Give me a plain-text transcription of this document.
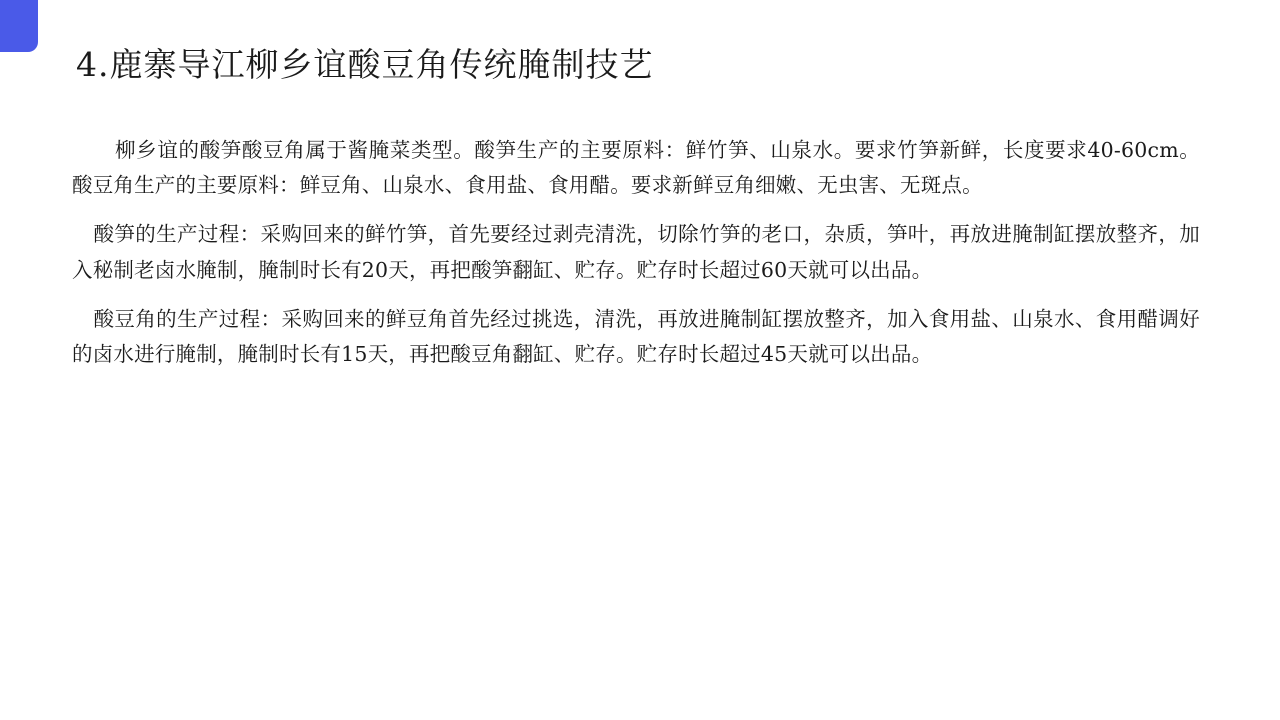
4.鹿寨导江柳乡谊酸豆角传统腌制技艺

柳乡谊的酸笋酸豆角属于酱腌菜类型。酸笋生产的主要原料：鲜竹笋、山泉水。要求竹笋新鲜，长度要求40-60cm。酸豆角生产的主要原料：鲜豆角、山泉水、食用盐、食用醋。要求新鲜豆角细嫩、无虫害、无斑点。

酸笋的生产过程：采购回来的鲜竹笋，首先要经过剥壳清洗，切除竹笋的老口，杂质，笋叶，再放进腌制缸摆放整齐，加入秘制老卤水腌制，腌制时长有20天，再把酸笋翻缸、贮存。贮存时长超过60天就可以出品。

酸豆角的生产过程：采购回来的鲜豆角首先经过挑选，清洗，再放进腌制缸摆放整齐，加入食用盐、山泉水、食用醋调好的卤水进行腌制，腌制时长有15天，再把酸豆角翻缸、贮存。贮存时长超过45天就可以出品。
